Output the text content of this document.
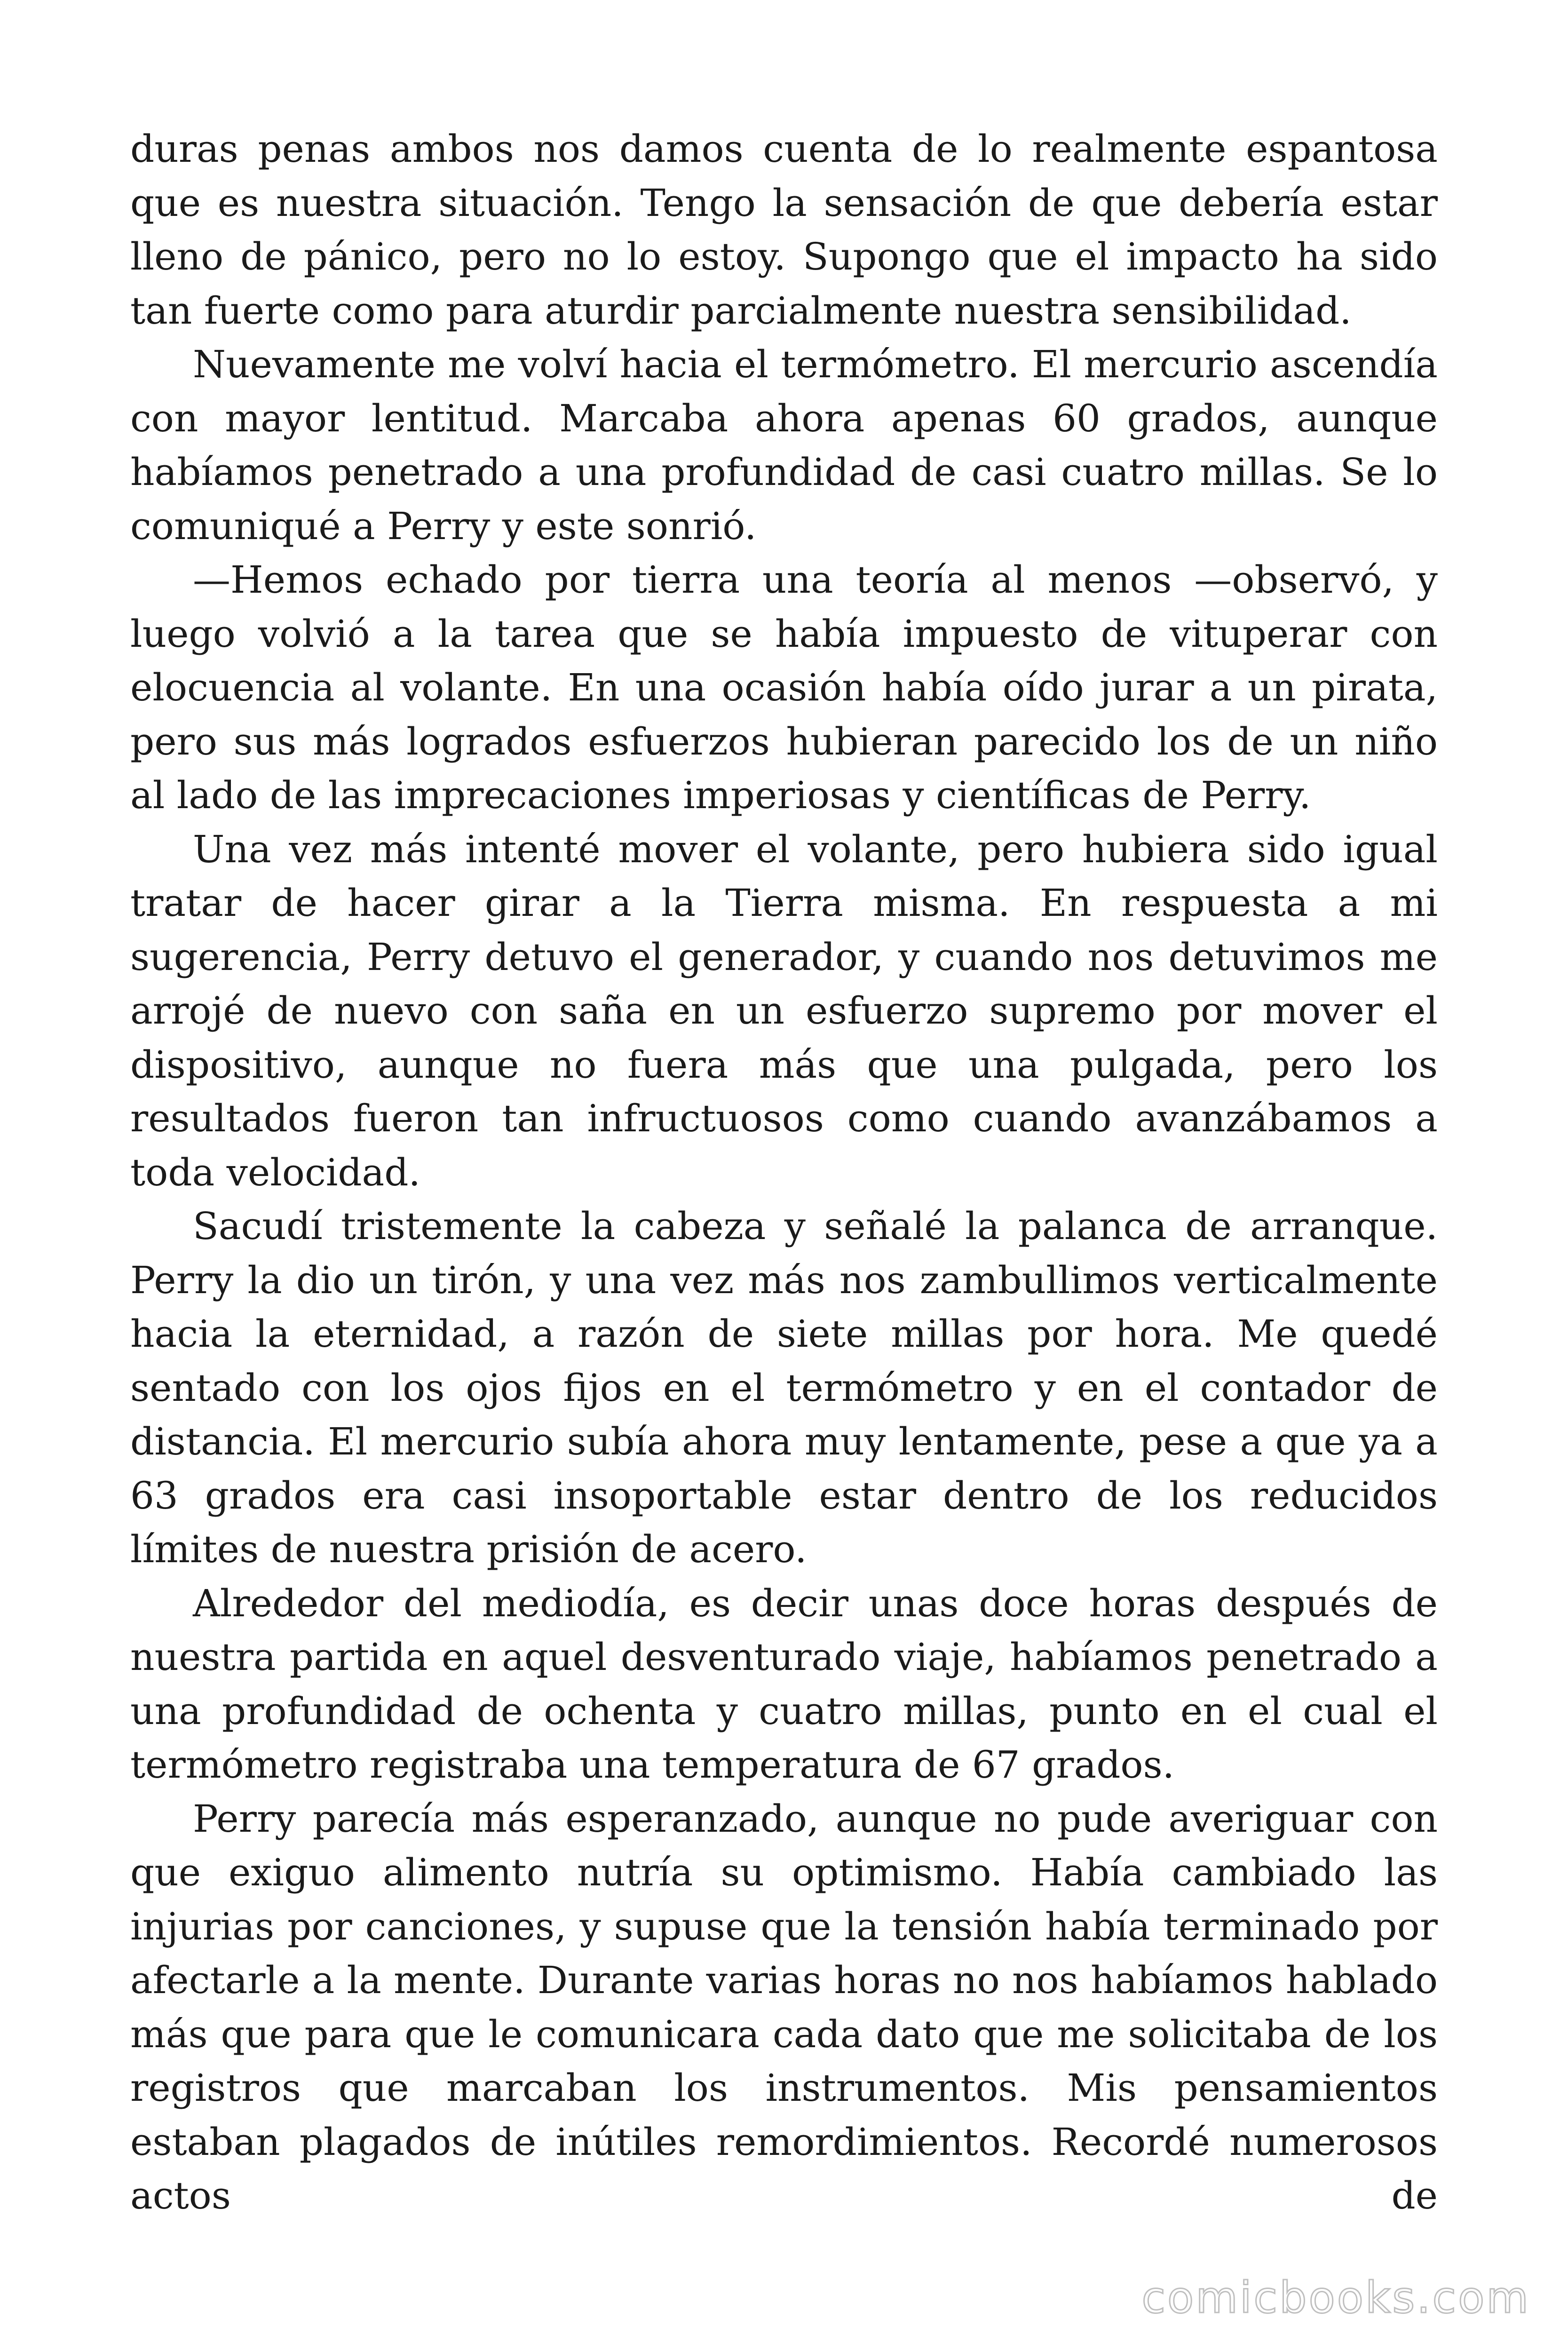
duras penas ambos nos damos cuenta de lo realmente espantosa que es nuestra situación. Tengo la sensación de que debería estar lleno de pánico, pero no lo estoy. Supongo que el impacto ha sido tan fuerte como para aturdir parcialmente nuestra sensibilidad.

Nuevamente me volví hacia el termómetro. El mercurio ascendía con mayor lentitud. Marcaba ahora apenas 60 grados, aunque habíamos penetrado a una profundidad de casi cuatro millas. Se lo comuniqué a Perry y este sonrió.

—Hemos echado por tierra una teoría al menos —observó, y luego volvió a la tarea que se había impuesto de vituperar con elocuencia al volante. En una ocasión había oído jurar a un pirata, pero sus más logrados esfuerzos hubieran parecido los de un niño al lado de las imprecaciones imperiosas y científicas de Perry.

Una vez más intenté mover el volante, pero hubiera sido igual tratar de hacer girar a la Tierra misma. En respuesta a mi sugerencia, Perry detuvo el generador, y cuando nos detuvimos me arrojé de nuevo con saña en un esfuerzo supremo por mover el dispositivo, aunque no fuera más que una pulgada, pero los resultados fueron tan infructuosos como cuando avanzábamos a toda velocidad.

Sacudí tristemente la cabeza y señalé la palanca de arranque. Perry la dio un tirón, y una vez más nos zambullimos verticalmente hacia la eternidad, a razón de siete millas por hora. Me quedé sentado con los ojos fijos en el termómetro y en el contador de distancia. El mercurio subía ahora muy lentamente, pese a que ya a 63 grados era casi insoportable estar dentro de los reducidos límites de nuestra prisión de acero.

Alrededor del mediodía, es decir unas doce horas después de nuestra partida en aquel desventurado viaje, habíamos penetrado a una profundidad de ochenta y cuatro millas, punto en el cual el termómetro registraba una temperatura de 67 grados.

Perry parecía más esperanzado, aunque no pude averiguar con que exiguo alimento nutría su optimismo. Había cambiado las injurias por canciones, y supuse que la tensión había terminado por afectarle a la mente. Durante varias horas no nos habíamos hablado más que para que le comunicara cada dato que me solicitaba de los registros que marcaban los instrumentos. Mis pensamientos estaban plagados de inútiles remordimientos. Recordé numerosos actos de

comicbooks.com
